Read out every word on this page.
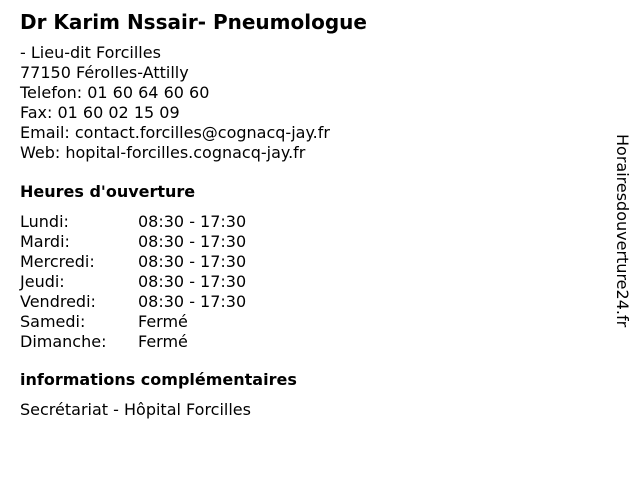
Dr Karim Nssair- Pneumologue
- Lieu-dit Forcilles
77150 Férolles-Attilly
Telefon: 01 60 64 60 60
Fax: 01 60 02 15 09
Email: contact.forcilles@cognacq-jay.fr
Web: hopital-forcilles.cognacq-jay.fr
Heures d'ouverture
Lundi:	08:30 - 17:30
Mardi:	08:30 - 17:30
Mercredi:	08:30 - 17:30
Jeudi:	08:30 - 17:30
Vendredi:	08:30 - 17:30
Samedi:	Fermé
Dimanche:	Fermé
informations complémentaires
Secrétariat - Hôpital Forcilles
Horairesdouverture24.fr
